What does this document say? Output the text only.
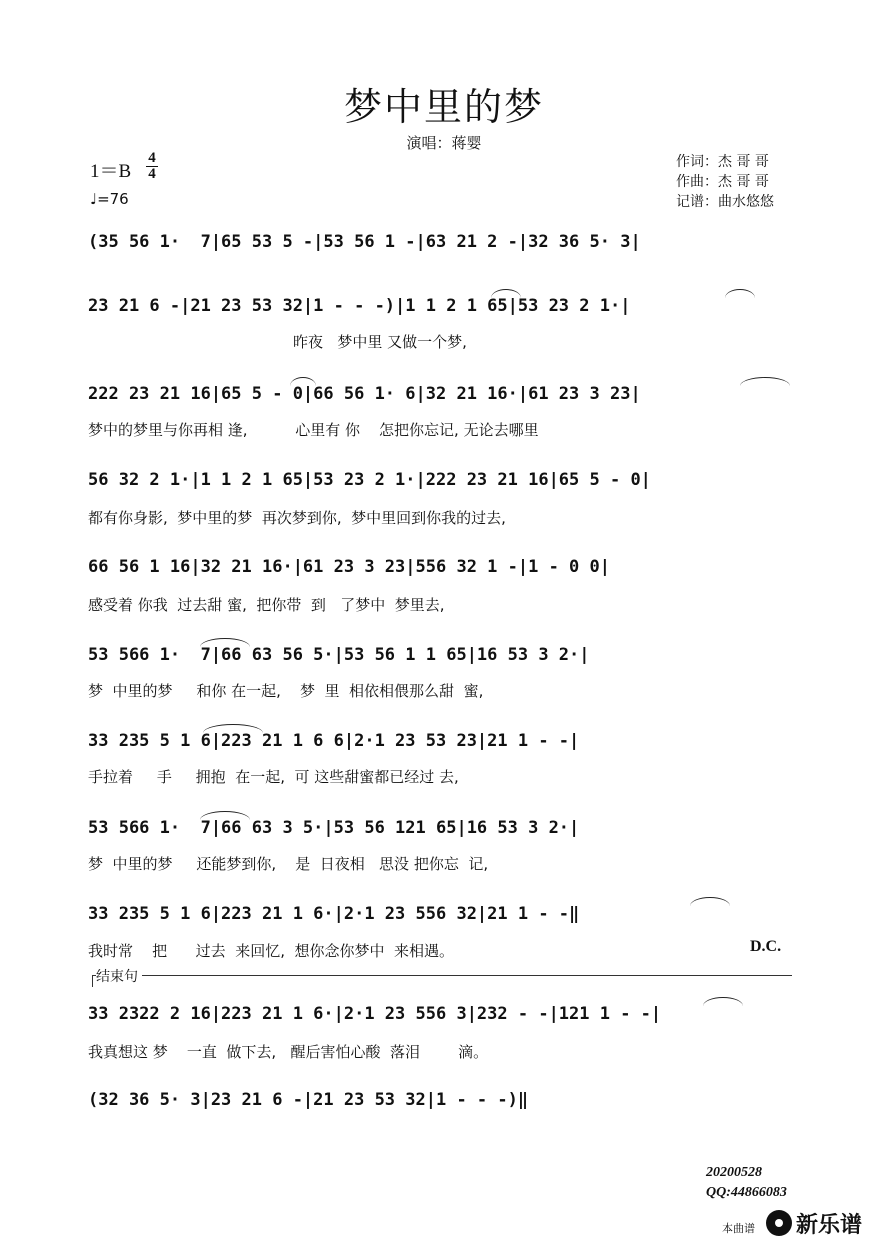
梦中里的梦
演唱：蒋婴
1＝B
4
4
♩=76
作词：杰 哥 哥
作曲：杰 哥 哥
记谱：曲水悠悠
(35 56 1·  7|65 53 5 -|53 56 1 -|63 21 2 -|32 36 5· 3|
23 21 6 -|21 23 53 32|1 - - -)|1 1 2 1 65|53 23 2 1·|
昨夜   梦中里 又做一个梦,
222 23 21 16|65 5 - 0|66 56 1· 6|32 21 16·|61 23 3 23|
梦中的梦里与你再相 逢,          心里有 你    怎把你忘记, 无论去哪里
56 32 2 1·|1 1 2 1 65|53 23 2 1·|222 23 21 16|65 5 - 0|
都有你身影,  梦中里的梦  再次梦到你,  梦中里回到你我的过去,
66 56 1 16|32 21 16·|61 23 3 23|556 32 1 -|1 - 0 0|
感受着 你我  过去甜 蜜,  把你带  到   了梦中  梦里去,
53 566 1·  7|66 63 56 5·|53 56 1 1 65|16 53 3 2·|
梦  中里的梦     和你 在一起,    梦  里  相依相偎那么甜  蜜,
33 235 5 1 6|223 21 1 6 6|2·1 23 53 23|21 1 - -|
手拉着     手     拥抱  在一起,  可 这些甜蜜都已经过 去,
53 566 1·  7|66 63 3 5·|53 56 121 65|16 53 3 2·|
梦  中里的梦     还能梦到你,    是  日夜相   思没 把你忘  记,
33 235 5 1 6|223 21 1 6·|2·1 23 556 32|21 1 - -‖
我时常    把      过去  来回忆,  想你念你梦中  来相遇。	D.C.
结束句
33 2322 2 16|223 21 1 6·|2·1 23 556 3|232 - -|121 1 - -|
我真想这 梦    一直  做下去,   醒后害怕心酸  落泪        滴。
(32 36 5· 3|23 21 6 -|21 23 53 32|1 - - -)‖
20200528
QQ:44866083
本曲谱 新乐谱
